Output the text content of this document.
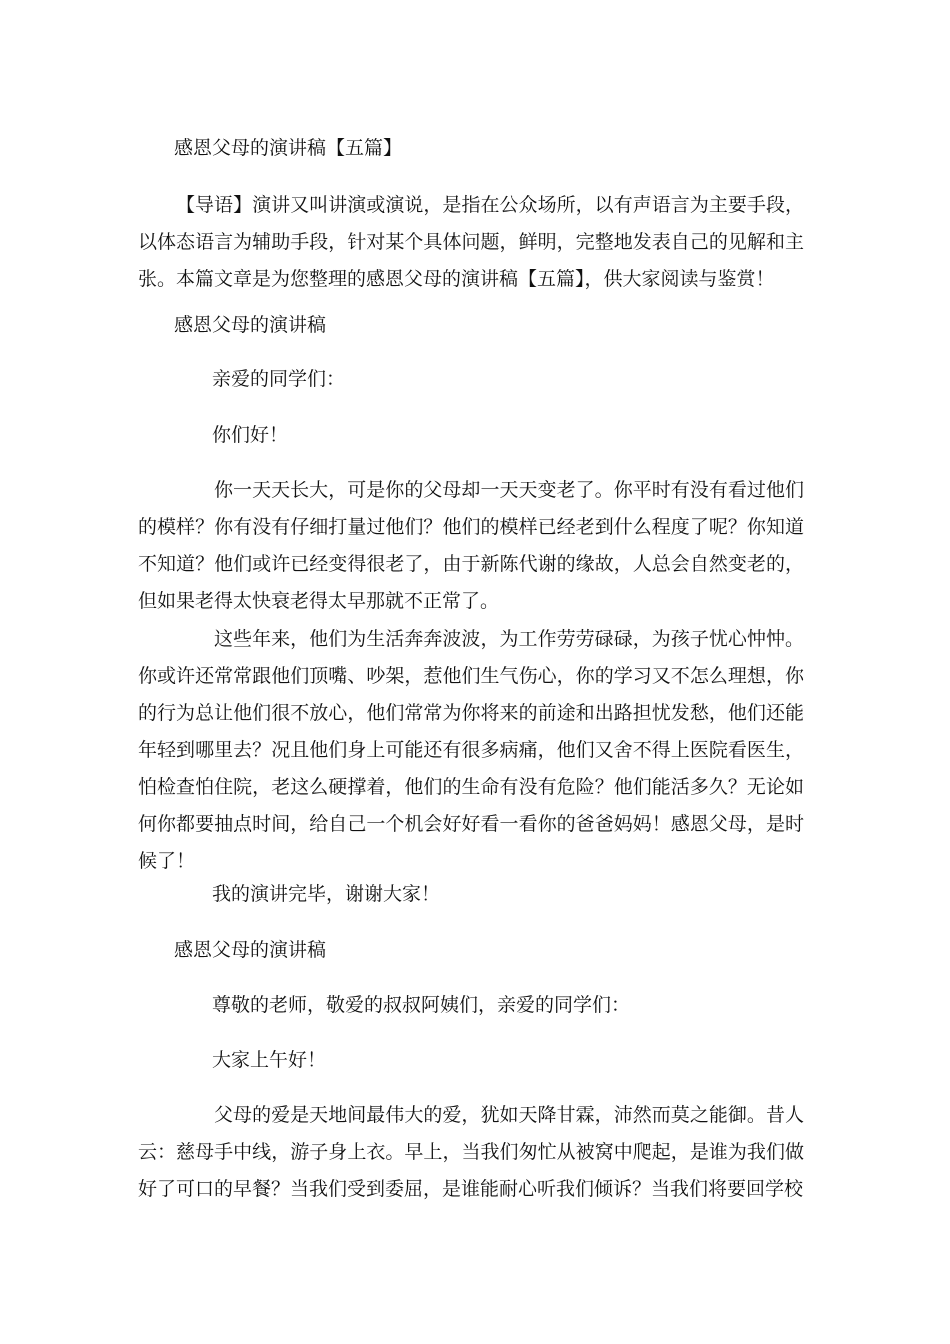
感恩父母的演讲稿【五篇】
【导语】演讲又叫讲演或演说，是指在公众场所，以有声语言为主要手段，以体态语言为辅助手段，针对某个具体问题，鲜明，完整地发表自己的见解和主张。本篇文章是为您整理的感恩父母的演讲稿【五篇】，供大家阅读与鉴赏！
感恩父母的演讲稿
亲爱的同学们：
你们好！
你一天天长大，可是你的父母却一天天变老了。你平时有没有看过他们的模样？你有没有仔细打量过他们？他们的模样已经老到什么程度了呢？你知道不知道？他们或许已经变得很老了，由于新陈代谢的缘故，人总会自然变老的，但如果老得太快衰老得太早那就不正常了。
这些年来，他们为生活奔奔波波，为工作劳劳碌碌，为孩子忧心忡忡。你或许还常常跟他们顶嘴、吵架，惹他们生气伤心，你的学习又不怎么理想，你的行为总让他们很不放心，他们常常为你将来的前途和出路担忧发愁，他们还能年轻到哪里去？况且他们身上可能还有很多病痛，他们又舍不得上医院看医生，怕检查怕住院，老这么硬撑着，他们的生命有没有危险？他们能活多久？无论如何你都要抽点时间，给自己一个机会好好看一看你的爸爸妈妈！感恩父母，是时候了！
我的演讲完毕，谢谢大家！
感恩父母的演讲稿
尊敬的老师，敬爱的叔叔阿姨们，亲爱的同学们：
大家上午好！
父母的爱是天地间最伟大的爱，犹如天降甘霖，沛然而莫之能御。昔人云：慈母手中线，游子身上衣。早上，当我们匆忙从被窝中爬起，是谁为我们做好了可口的早餐？当我们受到委屈，是谁能耐心听我们倾诉？当我们将要回学校
